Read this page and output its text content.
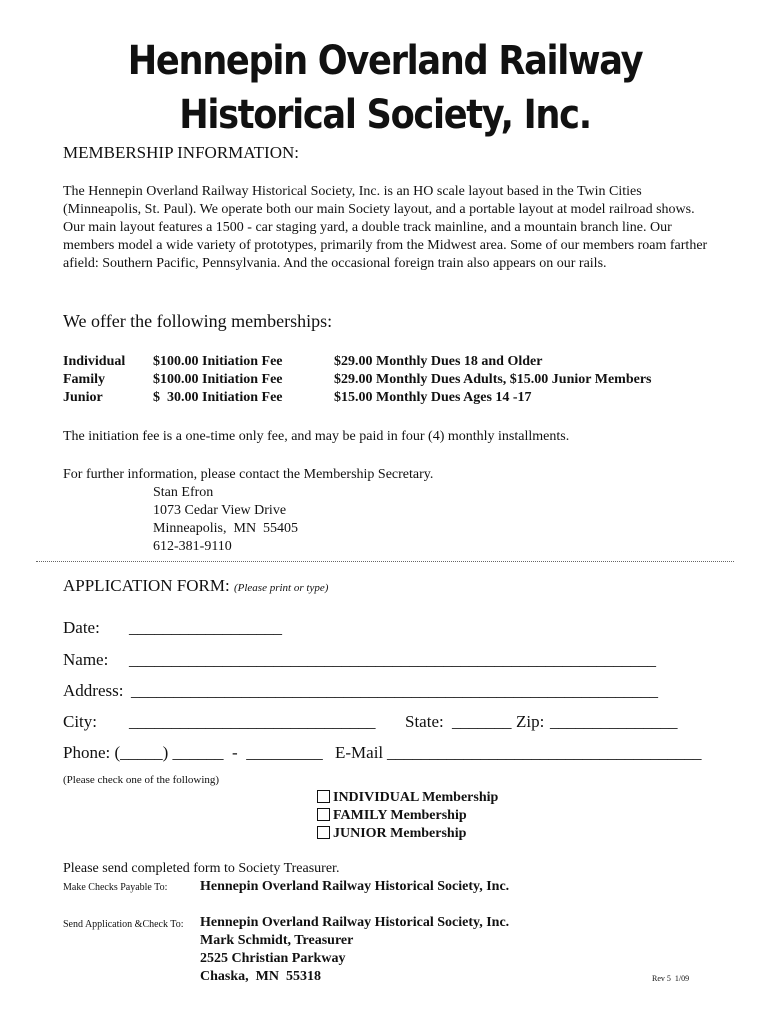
Hennepin Overland Railway
Historical Society, Inc.
MEMBERSHIP INFORMATION:
The Hennepin Overland Railway Historical Society, Inc. is an HO scale layout based in the Twin Cities (Minneapolis, St. Paul). We operate both our main Society layout, and a portable layout at model railroad shows. Our main layout features a 1500 - car staging yard, a double track mainline, and a mountain branch line. Our members model a wide variety of prototypes, primarily from the Midwest area. Some of our members roam farther afield: Southern Pacific, Pennsylvania. And the occasional foreign train also appears on our rails.
We offer the following memberships:
Individual $100.00 Initiation Fee	$29.00 Monthly Dues 18 and Older
Family	$100.00 Initiation Fee	$29.00 Monthly Dues Adults, $15.00 Junior Members
Junior	$  30.00 Initiation Fee	$15.00 Monthly Dues Ages 14 -17
The initiation fee is a one-time only fee, and may be paid in four (4) monthly installments.
For further information, please contact the Membership Secretary.
Stan Efron
1073 Cedar View Drive
Minneapolis,  MN  55405
612-381-9110
APPLICATION FORM: (Please print or type)
Date: __________________
Name: ______________________________________________________________
Address: ______________________________________________________________
City: _____________________________ State: _______ Zip: _______________
Phone: (_____) ______  -  _________ E-Mail _____________________________________
(Please check one of the following)
INDIVIDUAL Membership
FAMILY Membership
JUNIOR Membership
Please send completed form to Society Treasurer.
Make Checks Payable To: Hennepin Overland Railway Historical Society, Inc.
Send Application &Check To: Hennepin Overland Railway Historical Society, Inc.
Mark Schmidt, Treasurer
2525 Christian Parkway
Chaska,  MN  55318	Rev 5  1/09
